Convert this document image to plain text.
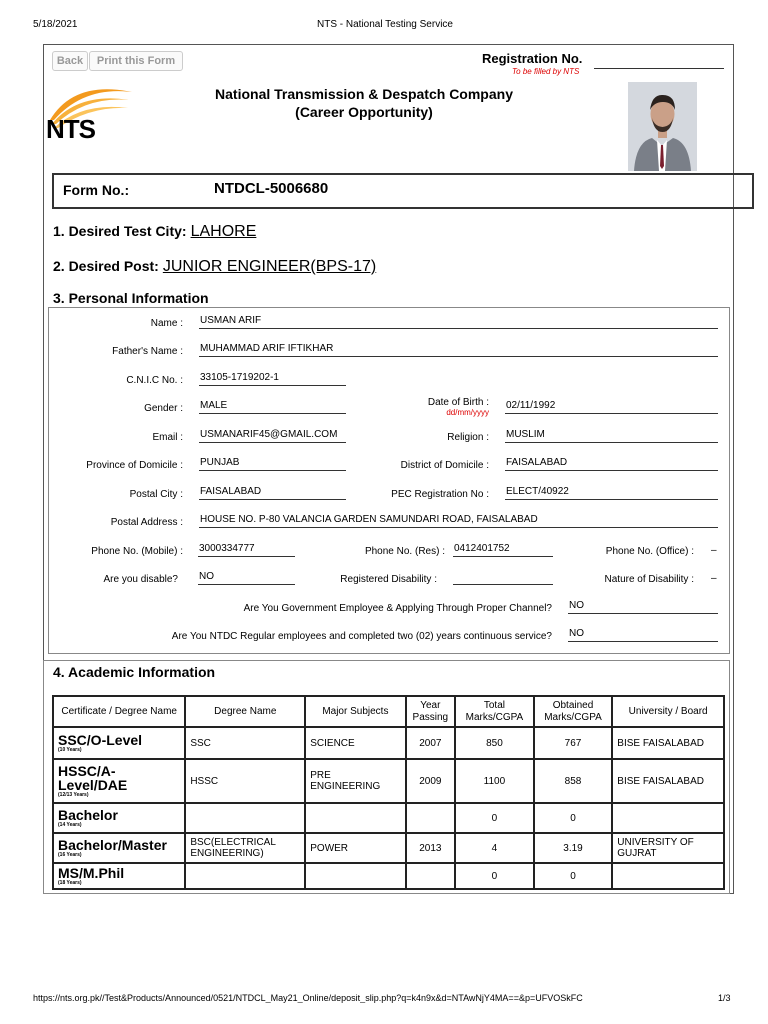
5/18/2021	NTS - National Testing Service
Back	Print this Form
NTS
National Transmission & Despatch Company
(Career Opportunity)
Registration No.
To be filled by NTS
Form No.:	NTDCL-5006680
1. Desired Test City: LAHORE
2. Desired Post: JUNIOR ENGINEER(BPS-17)
3. Personal Information
Name : USMAN ARIF
Father's Name : MUHAMMAD ARIF IFTIKHAR
C.N.I.C No. : 33105-1719202-1
Gender : MALE	Date of Birth :
dd/mm/yyyy
02/11/1992
Email : USMANARIF45@GMAIL.COM	Religion : MUSLIM
Province of Domicile : PUNJAB	District of Domicile : FAISALABAD
Postal City : FAISALABAD	PEC Registration No : ELECT/40922
Postal Address : HOUSE NO. P-80 VALANCIA GARDEN SAMUNDARI ROAD, FAISALABAD
Phone No. (Mobile) : 3000334777	Phone No. (Res) : 0412401752	Phone No. (Office) : –
Are you disable? NO	Registered Disability :	Nature of Disability : –
Are You Government Employee & Applying Through Proper Channel? NO
Are You NTDC Regular employees and completed two (02) years continuous service? NO
4. Academic Information
Certificate / Degree Name	Degree Name	Major Subjects	Year Passing	Total Marks/CGPA	Obtained Marks/CGPA	University / Board

SSC/O-Level
(10 Years)	SSC	SCIENCE	2007	850	767	BISE FAISALABAD

HSSC/A-Level/DAE
(12/13 Years)	HSSC	PRE ENGINEERING	2009	1100	858	BISE FAISALABAD

Bachelor
(14 Years)				0	0	

Bachelor/Master
(16 Years)	BSC(ELECTRICAL ENGINEERING)	POWER	2013	4	3.19	UNIVERSITY OF GUJRAT

MS/M.Phil
(18 Years)				0	0	
https://nts.org.pk//Test&Products/Announced/0521/NTDCL_May21_Online/deposit_slip.php?q=k4n9x&d=NTAwNjY4MA==&p=UFVOSkFC	1/3
